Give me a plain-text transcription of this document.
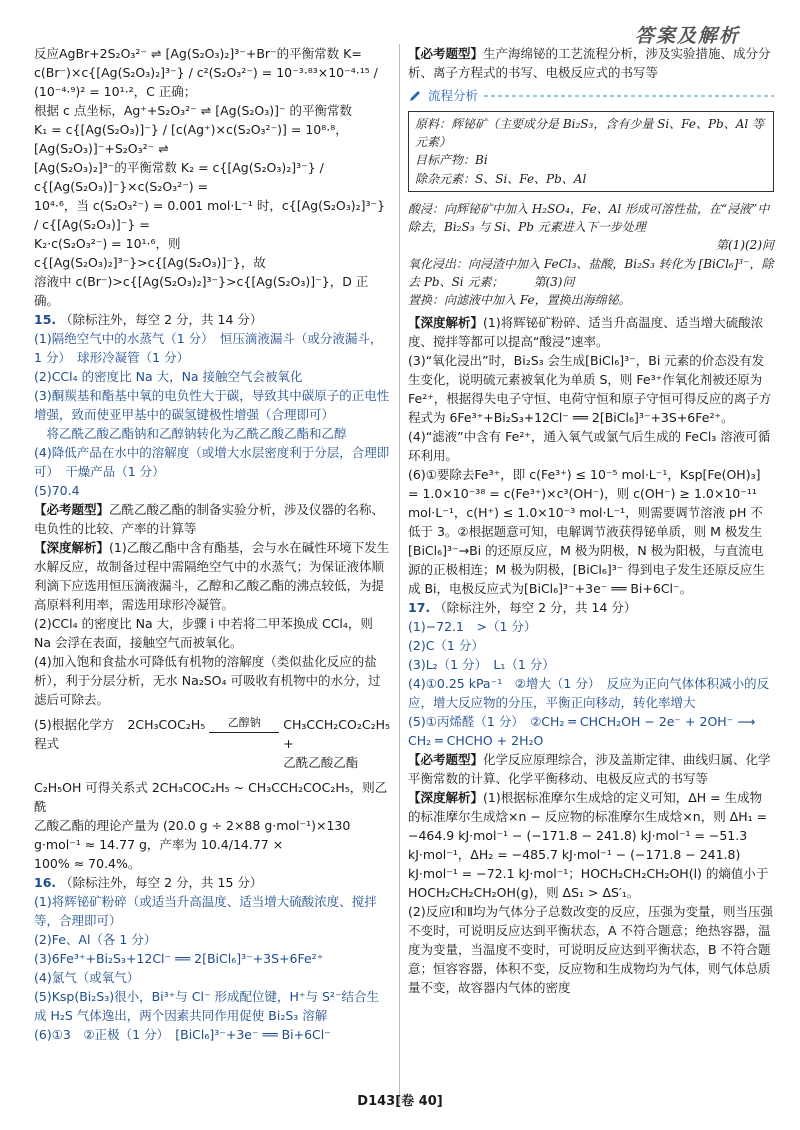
答案及解析

反应AgBr+2S₂O₃²⁻ ⇌ [Ag(S₂O₃)₂]³⁻+Br⁻的平衡常数 K=

c(Br⁻)×c{[Ag(S₂O₃)₂]³⁻} / c²(S₂O₃²⁻) = 10⁻³·⁸³×10⁻⁴·¹⁵ / (10⁻⁴·⁹)² = 10¹·²，C 正确；

根据 c 点坐标，Ag⁺+S₂O₃²⁻ ⇌ [Ag(S₂O₃)]⁻ 的平衡常数

K₁ = c{[Ag(S₂O₃)]⁻} / [c(Ag⁺)×c(S₂O₃²⁻)] = 10⁸·⁸，[Ag(S₂O₃)]⁻+S₂O₃²⁻ ⇌

[Ag(S₂O₃)₂]³⁻的平衡常数 K₂ = c{[Ag(S₂O₃)₂]³⁻} / c{[Ag(S₂O₃)]⁻}×c(S₂O₃²⁻) =

10⁴·⁶，当 c(S₂O₃²⁻) = 0.001 mol·L⁻¹ 时，c{[Ag(S₂O₃)₂]³⁻} / c{[Ag(S₂O₃)]⁻} =

K₂·c(S₂O₃²⁻) = 10¹·⁶，则 c{[Ag(S₂O₃)₂]³⁻}>c{[Ag(S₂O₃)]⁻}，故

溶液中 c(Br⁻)>c{[Ag(S₂O₃)₂]³⁻}>c{[Ag(S₂O₃)]⁻}，D 正确。

15. （除标注外，每空 2 分，共 14 分）

(1)隔绝空气中的水蒸气（1 分）　恒压滴液漏斗（或分液漏斗，1 分）　球形冷凝管（1 分）

(2)CCl₄ 的密度比 Na 大，Na 接触空气会被氧化

(3)酮羰基和酯基中氧的电负性大于碳，导致其中碳原子的正电性增强，致而使亚甲基中的碳氢键极性增强（合理即可）

　将乙酰乙酸乙酯钠和乙醇钠转化为乙酰乙酸乙酯和乙醇

(4)降低产品在水中的溶解度（或增大水层密度利于分层，合理即可）　干燥产品（1 分）

(5)70.4

【必考题型】乙酰乙酸乙酯的制备实验分析，涉及仪器的名称、电负性的比较、产率的计算等

【深度解析】(1)乙酸乙酯中含有酯基，会与水在碱性环境下发生水解反应，故制备过程中需隔绝空气中的水蒸气；为保证液体顺利滴下应选用恒压滴液漏斗，乙醇和乙酸乙酯的沸点较低，为提高原料利用率，需选用球形冷凝管。

(2)CCl₄ 的密度比 Na 大，步骤 i 中若将二甲苯换成 CCl₄，则 Na 会浮在表面，接触空气而被氧化。

(4)加入饱和食盐水可降低有机物的溶解度（类似盐化反应的盐析），利于分层分析，无水 Na₂SO₄ 可吸收有机物中的水分，过滤后可除去。

(5)根据化学方程式
2CH₃COC₂H₅	乙醇钠	CH₃CCH₂CO₂C₂H₅ +
乙酰乙酸乙酯

C₂H₅OH 可得关系式 2CH₃COC₂H₅ ~ CH₃CCH₂COC₂H₅，则乙酰

乙酸乙酯的理论产量为 (20.0 g ÷ 2×88 g·mol⁻¹)×130 g·mol⁻¹ ≈ 14.77 g，产率为 10.4/14.77 ×

100% ≈ 70.4%。

16. （除标注外，每空 2 分，共 15 分）

(1)将辉铋矿粉碎（或适当升高温度、适当增大硫酸浓度、搅拌等，合理即可）

(2)Fe、Al（各 1 分）

(3)6Fe³⁺+Bi₂S₃+12Cl⁻ ══ 2[BiCl₆]³⁻+3S+6Fe²⁺

(4)氯气（或氧气）

(5)Ksp(Bi₂S₃)很小，Bi³⁺与 Cl⁻ 形成配位键，H⁺与 S²⁻结合生成 H₂S 气体逸出，两个因素共同作用促使 Bi₂S₃ 溶解

(6)①3　②正极（1 分）　[BiCl₆]³⁻+3e⁻ ══ Bi+6Cl⁻

【必考题型】生产海绵铋的工艺流程分析，涉及实验措施、成分分析、离子方程式的书写、电极反应式的书写等

流程分析

原料：辉铋矿（主要成分是 Bi₂S₃，含有少量 Si、Fe、Pb、Al 等元素）

目标产物：Bi

除杂元素：S、Si、Fe、Pb、Al

酸浸：向辉铋矿中加入 H₂SO₄，Fe、Al 形成可溶性盐，在“浸液”中除去，Bi₂S₃ 与 Si、Pb 元素进入下一步处理

第(1)(2)问

氧化浸出：向浸渣中加入 FeCl₃、盐酸，Bi₂S₃ 转化为 [BiCl₆]³⁻，除去 Pb、Si 元素；　　　第(3)问

置换：向滤液中加入 Fe，置换出海绵铋。

【深度解析】(1)将辉铋矿粉碎、适当升高温度、适当增大硫酸浓度、搅拌等都可以提高“酸浸”速率。

(3)“氧化浸出”时，Bi₂S₃ 会生成[BiCl₆]³⁻，Bi 元素的价态没有发生变化，说明硫元素被氧化为单质 S，则 Fe³⁺作氧化剂被还原为 Fe²⁺，根据得失电子守恒、电荷守恒和原子守恒可得反应的离子方程式为 6Fe³⁺+Bi₂S₃+12Cl⁻ ══ 2[BiCl₆]³⁻+3S+6Fe²⁺。

(4)“滤液”中含有 Fe²⁺，通入氧气或氯气后生成的 FeCl₃ 溶液可循环利用。

(6)①要除去Fe³⁺，即 c(Fe³⁺) ≤ 10⁻⁵ mol·L⁻¹，Ksp[Fe(OH)₃] = 1.0×10⁻³⁸ = c(Fe³⁺)×c³(OH⁻)，则 c(OH⁻) ≥ 1.0×10⁻¹¹ mol·L⁻¹，c(H⁺) ≤ 1.0×10⁻³ mol·L⁻¹，则需要调节溶液 pH 不低于 3。②根据题意可知，电解调节液获得铋单质，则 M 极发生[BiCl₆]³⁻→Bi 的还原反应，M 极为阴极，N 极为阳极，与直流电源的正极相连；M 极为阴极，[BiCl₆]³⁻ 得到电子发生还原反应生成 Bi，电极反应式为[BiCl₆]³⁻+3e⁻ ══ Bi+6Cl⁻。

17. （除标注外，每空 2 分，共 14 分）

(1)−72.1　>（1 分）

(2)C（1 分）

(3)L₂（1 分）　L₁（1 分）

(4)①0.25 kPa⁻¹　②增大（1 分）　反应为正向气体体积减小的反应，增大反应物的分压，平衡正向移动，转化率增大

(5)①丙烯醛（1 分）　②CH₂ ═ CHCH₂OH − 2e⁻ + 2OH⁻ ⟶ CH₂ ═ CHCHO + 2H₂O

【必考题型】化学反应原理综合，涉及盖斯定律、曲线归属、化学平衡常数的计算、化学平衡移动、电极反应式的书写等

【深度解析】(1)根据标准摩尔生成焓的定义可知，ΔH = 生成物的标准摩尔生成焓×n − 反应物的标准摩尔生成焓×n，则 ΔH₁ = −464.9 kJ·mol⁻¹ − (−171.8 − 241.8) kJ·mol⁻¹ = −51.3 kJ·mol⁻¹，ΔH₂ = −485.7 kJ·mol⁻¹ − (−171.8 − 241.8) kJ·mol⁻¹ = −72.1 kJ·mol⁻¹；HOCH₂CH₂CH₂OH(l) 的熵值小于 HOCH₂CH₂CH₂OH(g)，则 ΔS₁ > ΔS′₁。

(2)反应Ⅰ和Ⅱ均为气体分子总数改变的反应，压强为变量，则当压强不变时，可说明反应达到平衡状态，A 不符合题意；绝热容器，温度为变量，当温度不变时，可说明反应达到平衡状态，B 不符合题意；恒容容器，体积不变，反应物和生成物均为气体，则气体总质量不变，故容器内气体的密度

D143[卷 40]
